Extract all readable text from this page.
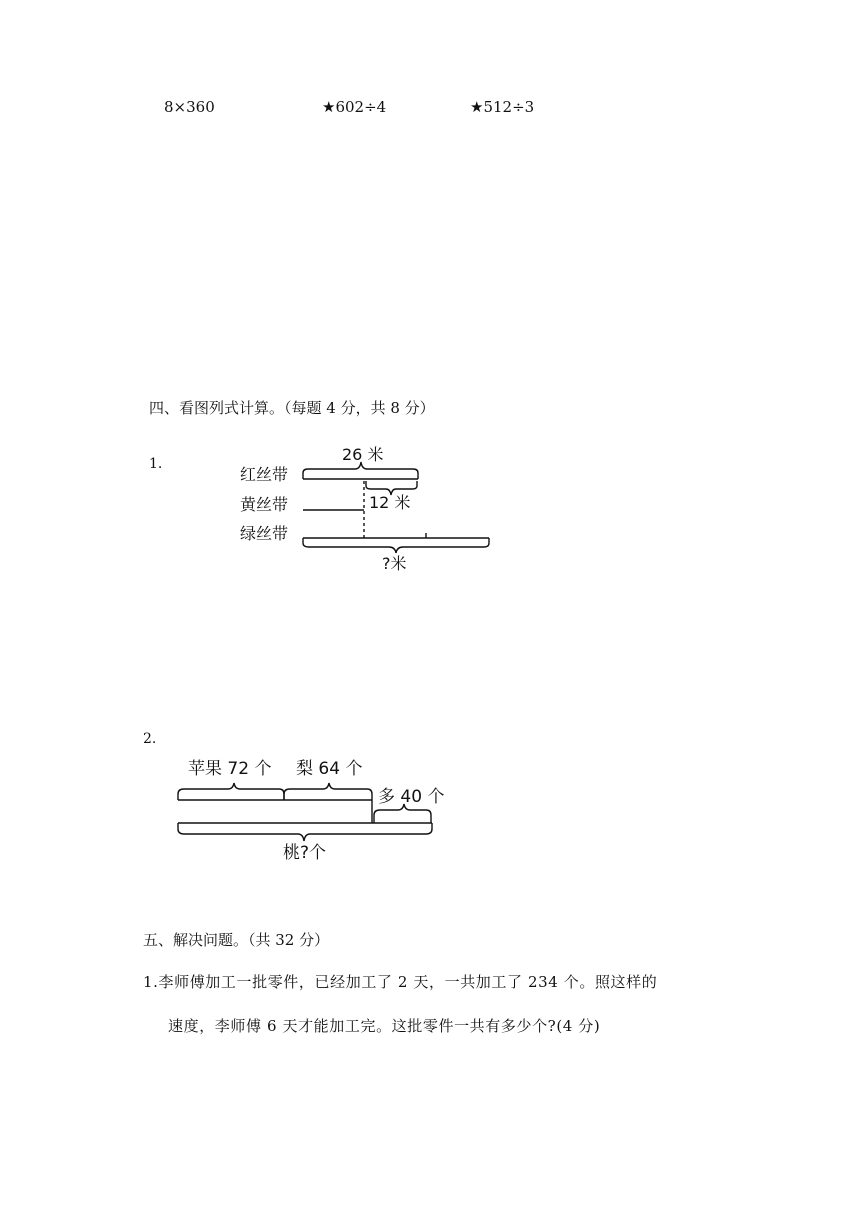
8×360	★602÷4	★512÷3
四、看图列式计算。（每题 4 分，共 8 分）
1.
红丝带
黄丝带
绿丝带
26 米
12 米
?米
苹果 72 个 梨 64 个
多 40 个
桃?个
2.
五、解决问题。（共 32 分）
1.李师傅加工一批零件，已经加工了 2 天，一共加工了 234 个。照这样的
速度，李师傅 6 天才能加工完。这批零件一共有多少个?(4 分)
